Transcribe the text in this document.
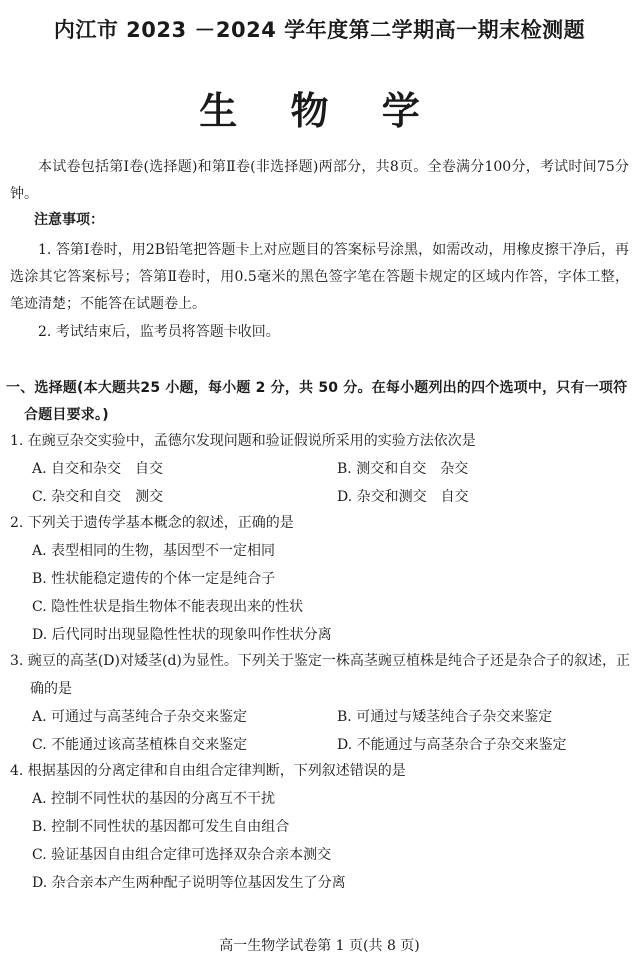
内江市 2023 －2024 学年度第二学期高一期末检测题
生 物 学
本试卷包括第Ⅰ卷(选择题)和第Ⅱ卷(非选择题)两部分，共8页。全卷满分100分，考试时间75分钟。
注意事项：
1. 答第Ⅰ卷时，用2B铅笔把答题卡上对应题目的答案标号涂黑，如需改动，用橡皮擦干净后，再选涂其它答案标号；答第Ⅱ卷时，用0.5毫米的黑色签字笔在答题卡规定的区域内作答，字体工整，笔迹清楚；不能答在试题卷上。
2. 考试结束后，监考员将答题卡收回。
一、选择题(本大题共25 小题，每小题 2 分，共 50 分。在每小题列出的四个选项中，只有一项符合题目要求。)
1. 在豌豆杂交实验中，孟德尔发现问题和验证假说所采用的实验方法依次是
A. 自交和杂交　自交	B. 测交和自交　杂交
C. 杂交和自交　测交	D. 杂交和测交　自交
2. 下列关于遗传学基本概念的叙述，正确的是
A. 表型相同的生物，基因型不一定相同
B. 性状能稳定遗传的个体一定是纯合子
C. 隐性性状是指生物体不能表现出来的性状
D. 后代同时出现显隐性性状的现象叫作性状分离
3. 豌豆的高茎(D)对矮茎(d)为显性。下列关于鉴定一株高茎豌豆植株是纯合子还是杂合子的叙述，正确的是
A. 可通过与高茎纯合子杂交来鉴定	B. 可通过与矮茎纯合子杂交来鉴定
C. 不能通过该高茎植株自交来鉴定	D. 不能通过与高茎杂合子杂交来鉴定
4. 根据基因的分离定律和自由组合定律判断，下列叙述错误的是
A. 控制不同性状的基因的分离互不干扰
B. 控制不同性状的基因都可发生自由组合
C. 验证基因自由组合定律可选择双杂合亲本测交
D. 杂合亲本产生两种配子说明等位基因发生了分离
高一生物学试卷第 1 页(共 8 页)
